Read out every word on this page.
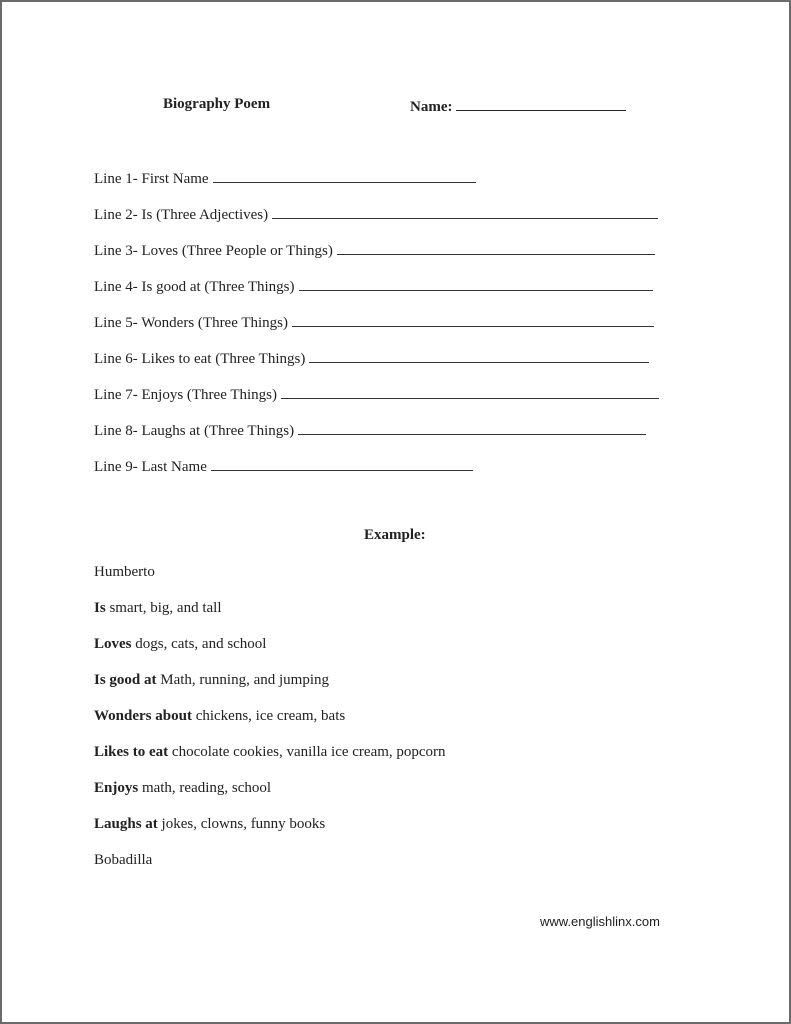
Biography Poem	Name:
Line 1- First Name
Line 2- Is (Three Adjectives)
Line 3- Loves (Three People or Things)
Line 4- Is good at (Three Things)
Line 5- Wonders (Three Things)
Line 6- Likes to eat (Three Things)
Line 7- Enjoys (Three Things)
Line 8- Laughs at (Three Things)
Line 9- Last Name
Example:
Humberto
Is smart, big, and tall
Loves dogs, cats, and school
Is good at Math, running, and jumping
Wonders about chickens, ice cream, bats
Likes to eat chocolate cookies, vanilla ice cream, popcorn
Enjoys math, reading, school
Laughs at jokes, clowns, funny books
Bobadilla
www.englishlinx.com
